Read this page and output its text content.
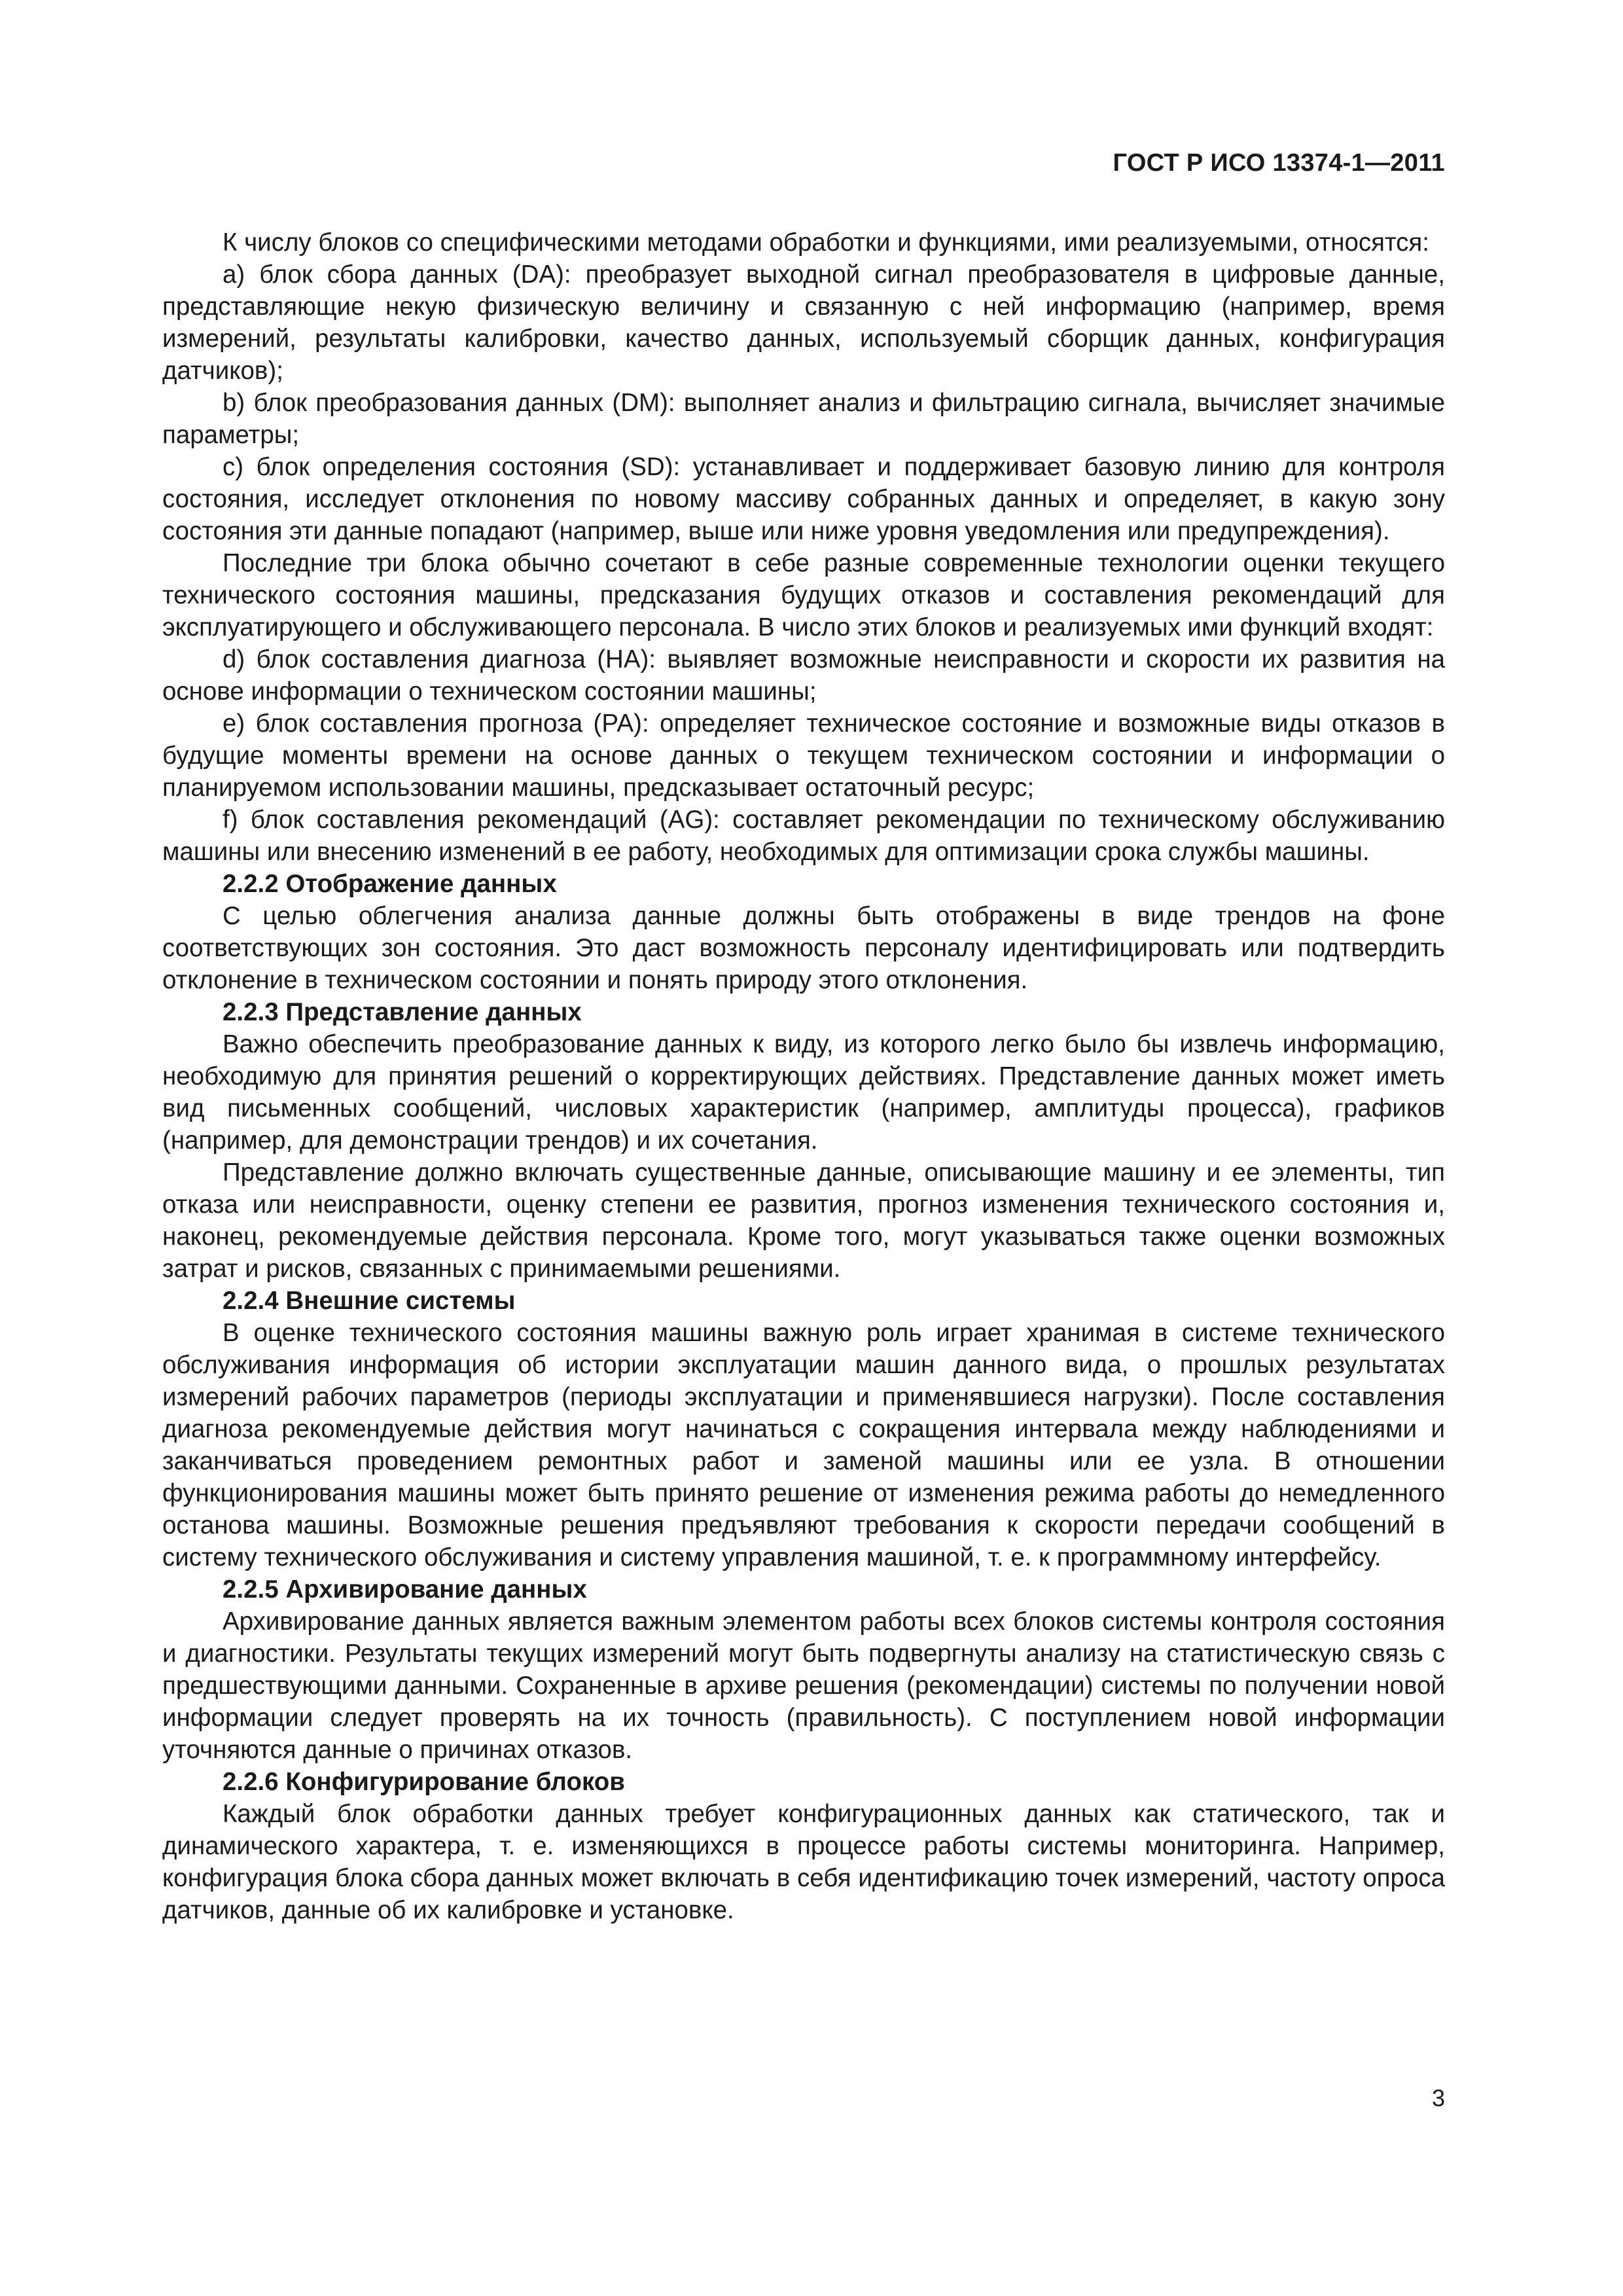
ГОСТ Р ИСО 13374-1—2011

К числу блоков со специфическими методами обработки и функциями, ими реализуемыми, относятся:

а) блок сбора данных (DA): преобразует выходной сигнал преобразователя в цифровые данные, представляющие некую физическую величину и связанную с ней информацию (например, время измерений, результаты калибровки, качество данных, используемый сборщик данных, конфигурация датчиков);

b) блок преобразования данных (DM): выполняет анализ и фильтрацию сигнала, вычисляет значимые параметры;

c) блок определения состояния (SD): устанавливает и поддерживает базовую линию для контроля состояния, исследует отклонения по новому массиву собранных данных и определяет, в какую зону состояния эти данные попадают (например, выше или ниже уровня уведомления или предупреждения).

Последние три блока обычно сочетают в себе разные современные технологии оценки текущего технического состояния машины, предсказания будущих отказов и составления рекомендаций для эксплуатирующего и обслуживающего персонала. В число этих блоков и реализуемых ими функций входят:

d) блок составления диагноза (НА): выявляет возможные неисправности и скорости их развития на основе информации о техническом состоянии машины;

е) блок составления прогноза (РА): определяет техническое состояние и возможные виды отказов в будущие моменты времени на основе данных о текущем техническом состоянии и информации о планируемом использовании машины, предсказывает остаточный ресурс;

f) блок составления рекомендаций (AG): составляет рекомендации по техническому обслуживанию машины или внесению изменений в ее работу, необходимых для оптимизации срока службы машины.

2.2.2 Отображение данных

С целью облегчения анализа данные должны быть отображены в виде трендов на фоне соответствующих зон состояния. Это даст возможность персоналу идентифицировать или подтвердить отклонение в техническом состоянии и понять природу этого отклонения.

2.2.3 Представление данных

Важно обеспечить преобразование данных к виду, из которого легко было бы извлечь информацию, необходимую для принятия решений о корректирующих действиях. Представление данных может иметь вид письменных сообщений, числовых характеристик (например, амплитуды процесса), графиков (например, для демонстрации трендов) и их сочетания.

Представление должно включать существенные данные, описывающие машину и ее элементы, тип отказа или неисправности, оценку степени ее развития, прогноз изменения технического состояния и, наконец, рекомендуемые действия персонала. Кроме того, могут указываться также оценки возможных затрат и рисков, связанных с принимаемыми решениями.

2.2.4 Внешние системы

В оценке технического состояния машины важную роль играет хранимая в системе технического обслуживания информация об истории эксплуатации машин данного вида, о прошлых результатах измерений рабочих параметров (периоды эксплуатации и применявшиеся нагрузки). После составления диагноза рекомендуемые действия могут начинаться с сокращения интервала между наблюдениями и заканчиваться проведением ремонтных работ и заменой машины или ее узла. В отношении функционирования машины может быть принято решение от изменения режима работы до немедленного останова машины. Возможные решения предъявляют требования к скорости передачи сообщений в систему технического обслуживания и систему управления машиной, т. е. к программному интерфейсу.

2.2.5 Архивирование данных

Архивирование данных является важным элементом работы всех блоков системы контроля состояния и диагностики. Результаты текущих измерений могут быть подвергнуты анализу на статистическую связь с предшествующими данными. Сохраненные в архиве решения (рекомендации) системы по получении новой информации следует проверять на их точность (правильность). С поступлением новой информации уточняются данные о причинах отказов.

2.2.6 Конфигурирование блоков

Каждый блок обработки данных требует конфигурационных данных как статического, так и динамического характера, т. е. изменяющихся в процессе работы системы мониторинга. Например, конфигурация блока сбора данных может включать в себя идентификацию точек измерений, частоту опроса датчиков, данные об их калибровке и установке.

3
